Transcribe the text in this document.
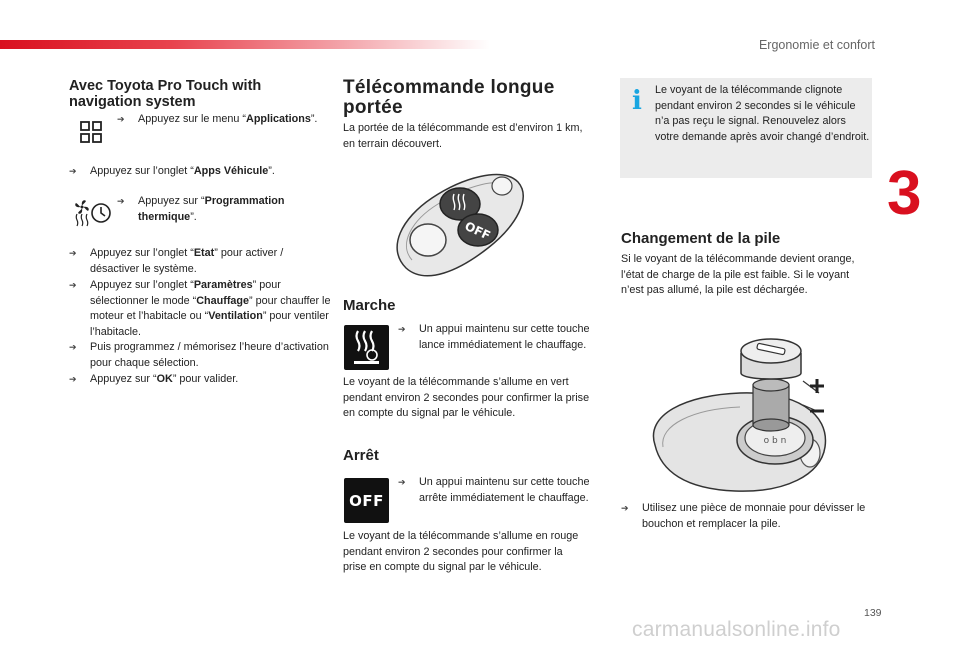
Ergonomie et confort
3
Avec Toyota Pro Touch with navigation system
➔ Appuyez sur le menu “Applications”.
➔ Appuyez sur l’onglet “Apps Véhicule”.
➔ Appuyez sur “Programmation thermique”.
➔ Appuyez sur l’onglet “Etat” pour activer / désactiver le système.
➔ Appuyez sur l’onglet “Paramètres” pour sélectionner le mode “Chauffage” pour chauffer le moteur et l’habitacle ou “Ventilation” pour ventiler l’habitacle.
➔ Puis programmez / mémorisez l’heure d’activation pour chaque sélection.
➔ Appuyez sur “OK” pour valider.
Télécommande longue portée
La portée de la télécommande est d’environ 1 km, en terrain découvert.
OFF
Marche
➔ Un appui maintenu sur cette touche lance immédiatement le chauffage.
Le voyant de la télécommande s’allume en vert pendant environ 2 secondes pour confirmer la prise en compte du signal par le véhicule.
Arrêt
OFF
➔ Un appui maintenu sur cette touche arrête immédiatement le chauffage.
Le voyant de la télécommande s’allume en rouge pendant environ 2 secondes pour confirmer la prise en compte du signal par le véhicule.
i Le voyant de la télécommande clignote pendant environ 2 secondes si le véhicule n’a pas reçu le signal. Renouvelez alors votre demande après avoir changé d’endroit.
Changement de la pile
Si le voyant de la télécommande devient orange, l’état de charge de la pile est faible. Si le voyant n’est pas allumé, la pile est déchargée.
o b n
➔ Utilisez une pièce de monnaie pour dévisser le bouchon et remplacer la pile.
139
carmanualsonline.info
